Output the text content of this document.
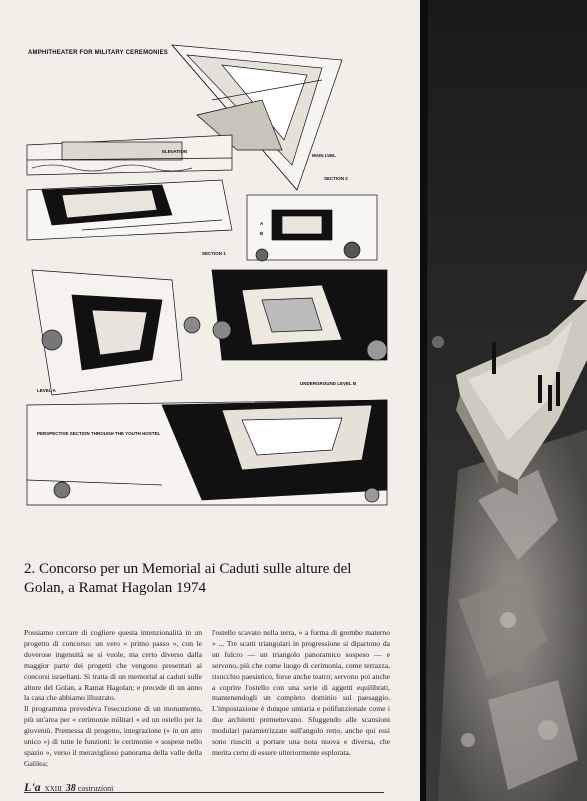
ELEVATION
MAIN LVEL
SECTION 2
SECTION 1
LEVEL A
UNDERGROUND LEVEL B
PERSPECTIVE SECTION THROUGH THE YOUTH HOSTEL
A
B
AMPHITHEATER FOR MILITARY CEREMONIES
2. Concorso per un Memorial ai Caduti sulle alture del Golan, a Ramat Hagolan 1974

Possiamo cercare di cogliere questa intenzionalità in un progetto di concorso: un vero « primo passo », con le doverose ingenuità se si vuole, ma certo diverso dalla maggior parte dei progetti che vengono presentati ai concorsi israeliani. Si tratta di un memorial ai caduti sulle alture del Golan, a Ramat Hagolan; e precede di un anno la casa che abbiamo illustrato.

Il programma prevedeva l'esecuzione di un monumento, più un'area per « cerimonie militari » ed un ostello per la gioventù. Premessa di progetto, integrazione (« in un atto unico ») di tutte le funzioni: le cerimonie « sospese nello spazio », verso il meraviglioso panorama della valle della Galilea;

l'ostello scavato nella terra, « a forma di grembo materno » ... Tre scatti triangolari in progressione si dipartono da un fulcro — un triangolo panoramico sospeso — e servono, più che come luogo di cerimonia, come terrazza, risucchio paesistico, forse anche teatro; servono poi anche a coprire l'ostello con una serie di aggetti equilibrati, mantenendogli un completo dominio sul paesaggio. L'impostazione è dunque unitaria e polifunzionale come i due architetti premettevano. Sfuggendo alle scansioni modulari parametrizzate sull'angolo retto, anche qui essi sono riusciti a portare una nota nuova e diversa, che merita certo di essere ulteriormente esplorata.

L'a XXIII 38 costruzioni
